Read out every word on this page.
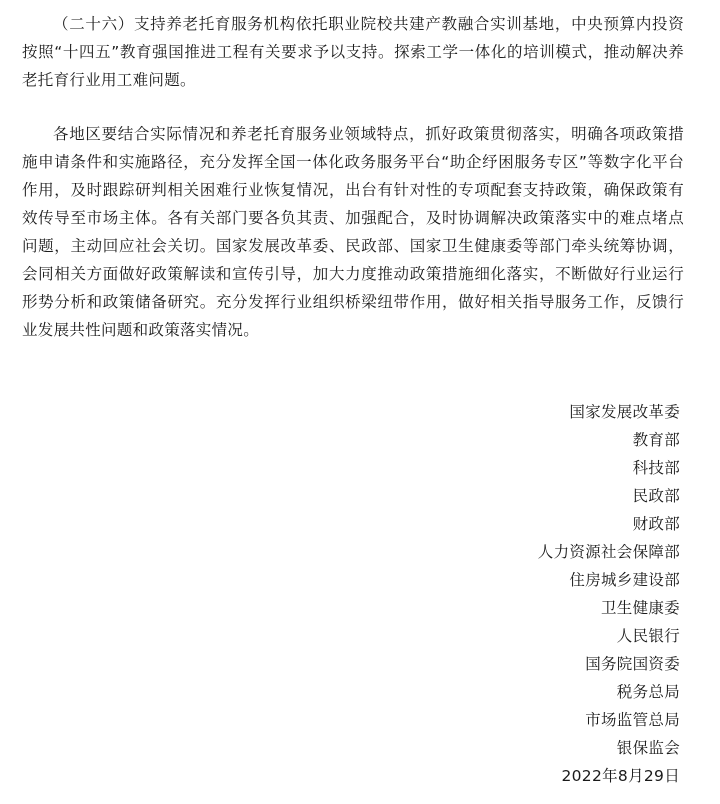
（二十六）支持养老托育服务机构依托职业院校共建产教融合实训基地，中央预算内投资按照“十四五”教育强国推进工程有关要求予以支持。探索工学一体化的培训模式，推动解决养老托育行业用工难问题。

各地区要结合实际情况和养老托育服务业领域特点，抓好政策贯彻落实，明确各项政策措施申请条件和实施路径，充分发挥全国一体化政务服务平台“助企纾困服务专区”等数字化平台作用，及时跟踪研判相关困难行业恢复情况，出台有针对性的专项配套支持政策，确保政策有效传导至市场主体。各有关部门要各负其责、加强配合，及时协调解决政策落实中的难点堵点问题，主动回应社会关切。国家发展改革委、民政部、国家卫生健康委等部门牵头统筹协调，会同相关方面做好政策解读和宣传引导，加大力度推动政策措施细化落实，不断做好行业运行形势分析和政策储备研究。充分发挥行业组织桥梁纽带作用，做好相关指导服务工作，反馈行业发展共性问题和政策落实情况。

国家发展改革委
教育部
科技部
民政部
财政部
人力资源社会保障部
住房城乡建设部
卫生健康委
人民银行
国务院国资委
税务总局
市场监管总局
银保监会
2022年8月29日
